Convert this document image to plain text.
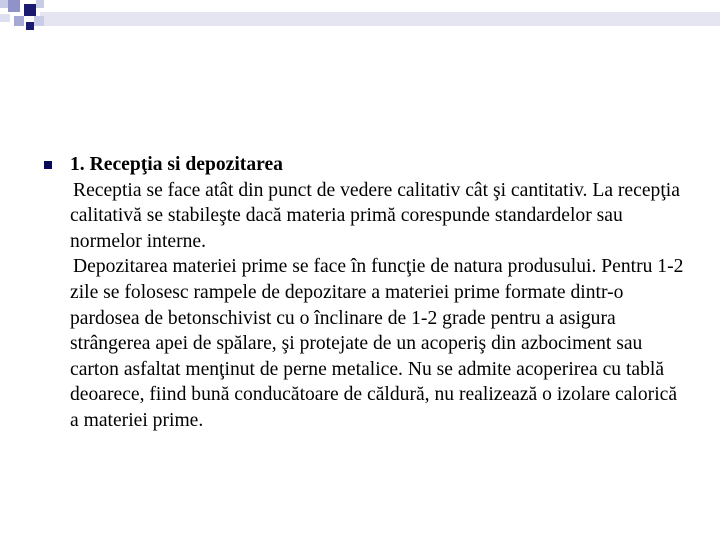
1. Recepţia si depozitarea
Receptia se face atât din punct de vedere calitativ cât şi cantitativ. La recepţia calitativă se stabileşte dacă materia primă corespunde standardelor sau normelor interne.
Depozitarea materiei prime se face în funcţie de natura produsului. Pentru 1-2 zile se folosesc rampele de depozitare a materiei prime formate dintr-o pardosea de betonschivist cu o înclinare de 1-2 grade pentru a asigura strângerea apei de spălare, şi protejate de un acoperiş din azbociment sau carton asfaltat menţinut de perne metalice. Nu se admite acoperirea cu tablă deoarece, fiind bună conducătoare de căldură, nu realizează o izolare calorică a materiei prime.
